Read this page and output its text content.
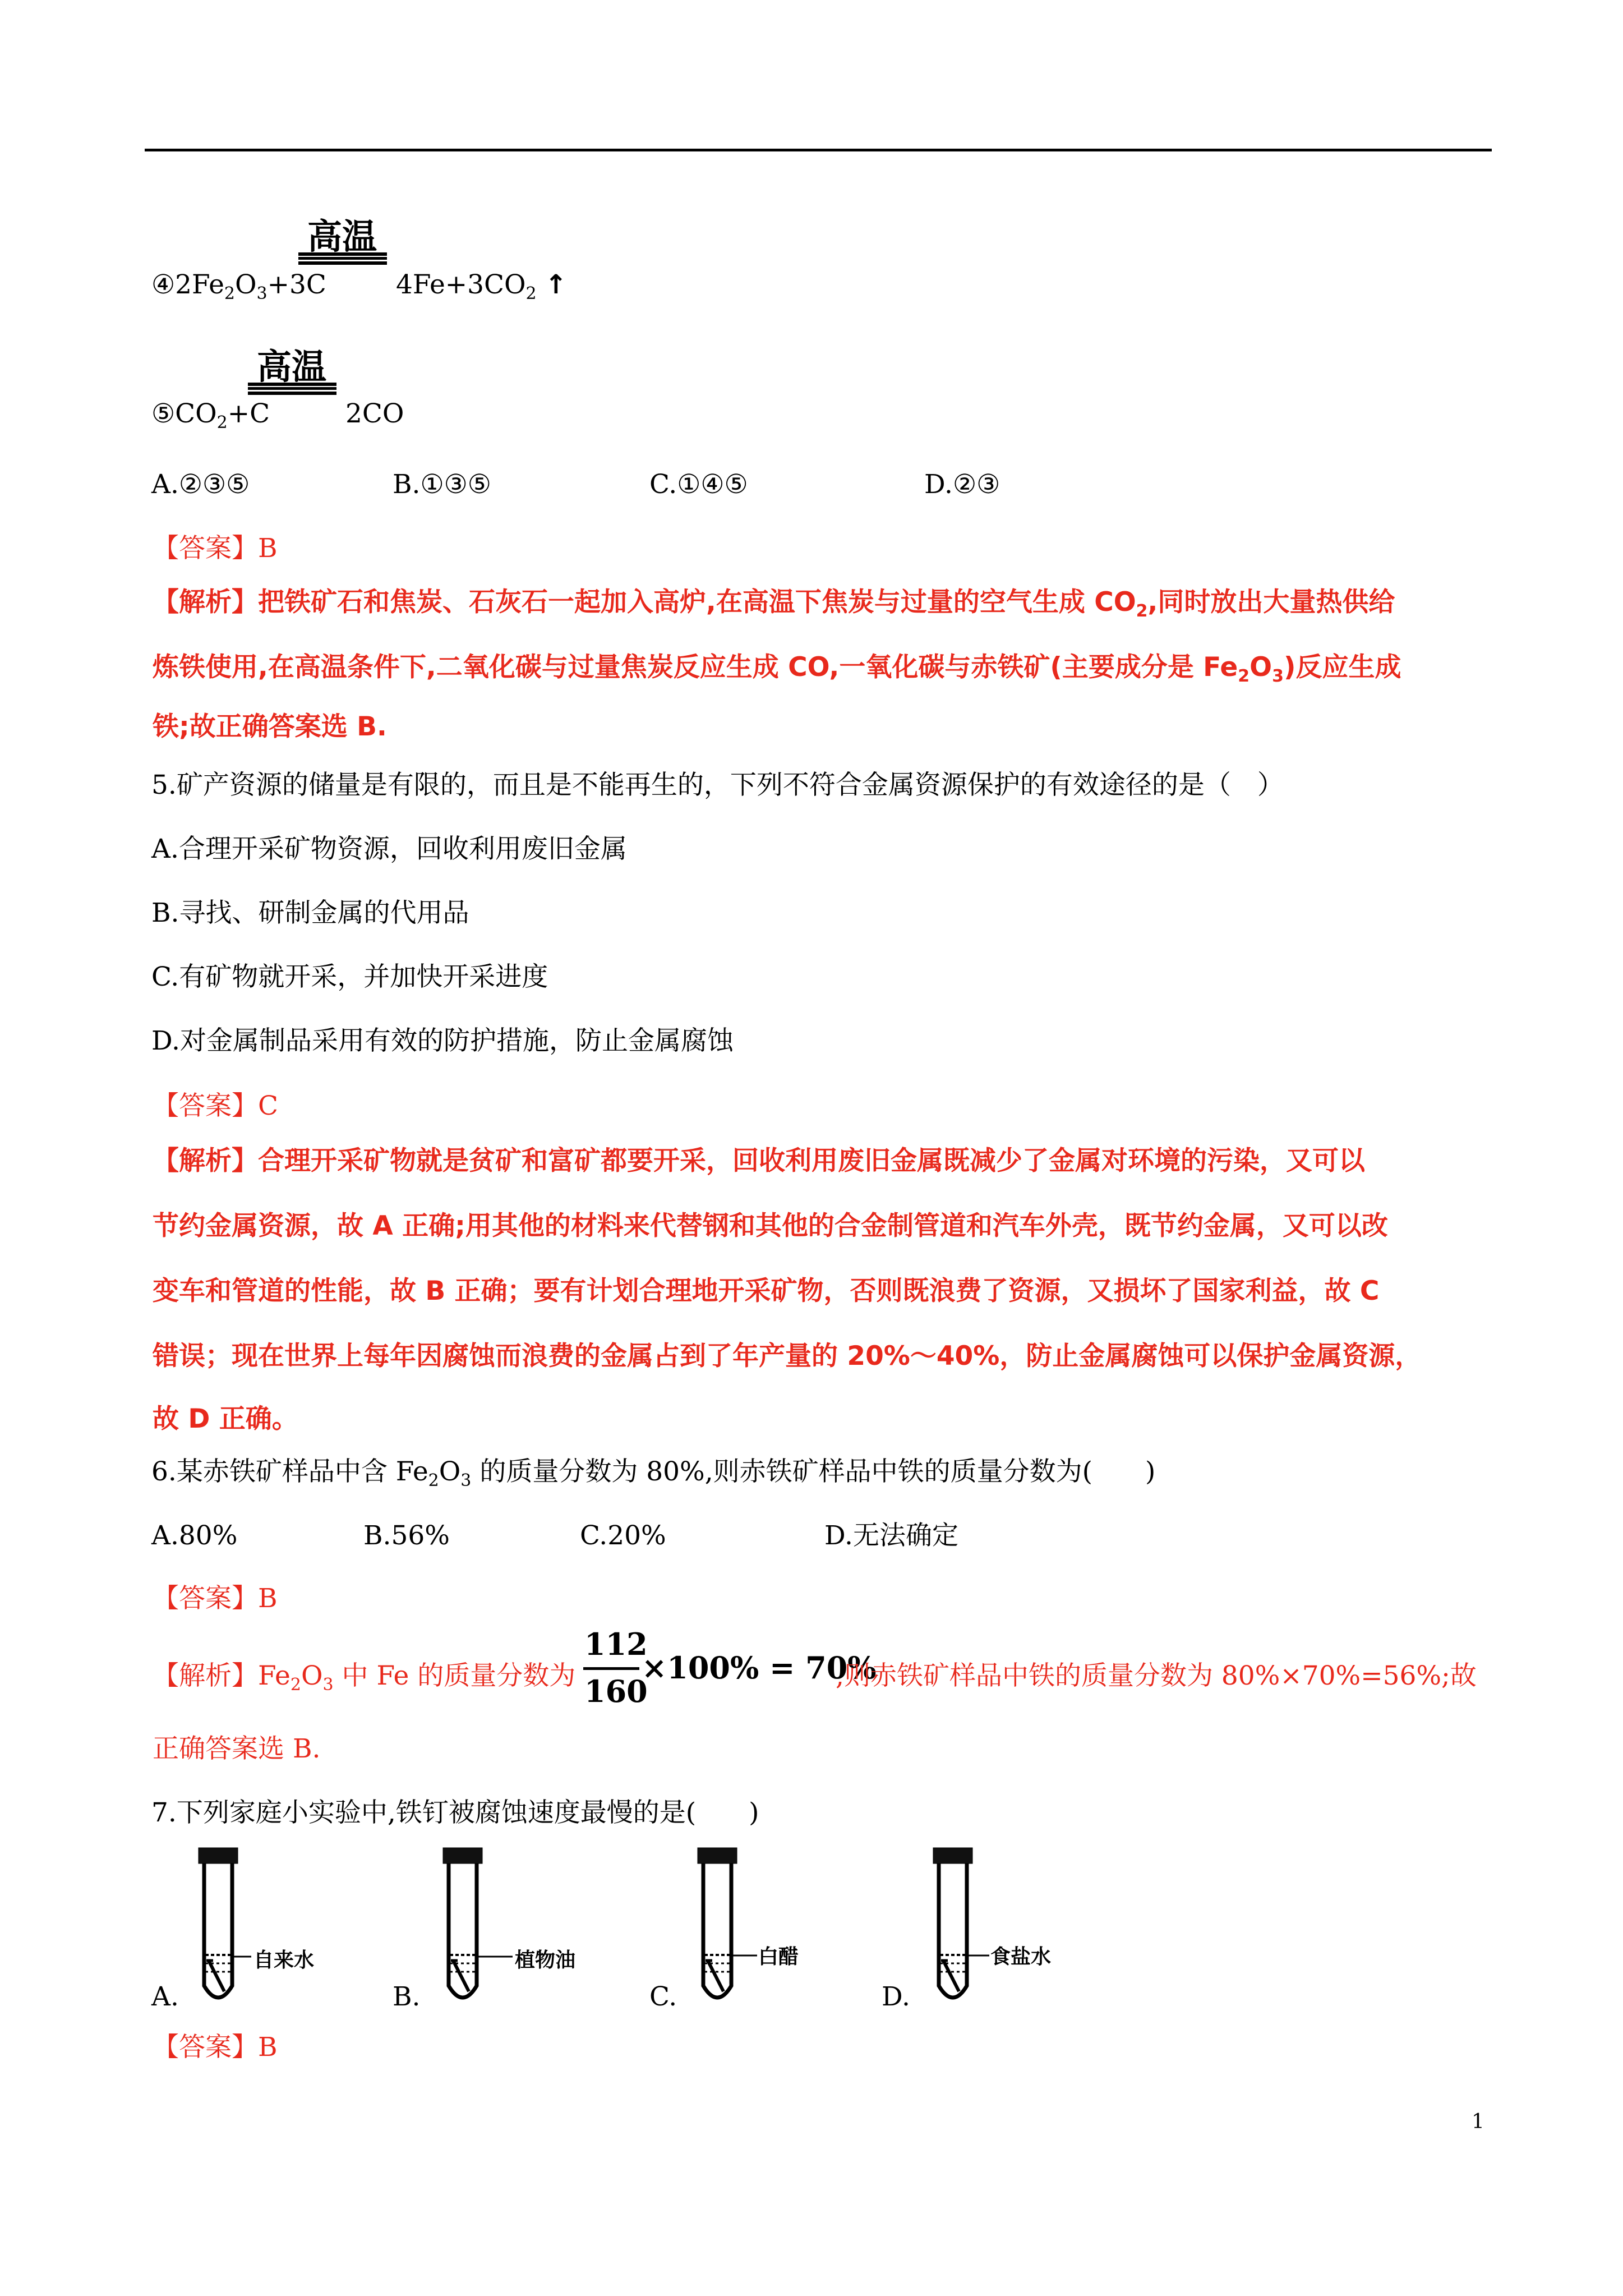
高温
$④2Fe_2O_3+3C$	$4Fe+3CO_2$ ↑
高温
$⑤CO_2+C$	2CO
A.②③⑤	B.①③⑤	C.①④⑤	D.②③
【答案】B
【解析】把铁矿石和焦炭、石灰石一起加入高炉,在高温下焦炭与过量的空气生成 $CO_2$,同时放出大量热供给
炼铁使用,在高温条件下,二氧化碳与过量焦炭反应生成 CO,一氧化碳与赤铁矿(主要成分是 $Fe_2O_3$)反应生成
铁;故正确答案选 B.
5.矿产资源的储量是有限的，而且是不能再生的，下列不符合金属资源保护的有效途径的是（　）
A.合理开采矿物资源，回收利用废旧金属
B.寻找、研制金属的代用品
C.有矿物就开采，并加快开采进度
D.对金属制品采用有效的防护措施，防止金属腐蚀
【答案】C
【解析】合理开采矿物就是贫矿和富矿都要开采，回收利用废旧金属既减少了金属对环境的污染，又可以
节约金属资源，故 A 正确;用其他的材料来代替钢和其他的合金制管道和汽车外壳，既节约金属，又可以改
变车和管道的性能，故 B 正确；要有计划合理地开采矿物，否则既浪费了资源，又损坏了国家利益，故 C
错误；现在世界上每年因腐蚀而浪费的金属占到了年产量的 20%～40%，防止金属腐蚀可以保护金属资源，
故 D 正确。
6.某赤铁矿样品中含 $Fe_2O_3$ 的质量分数为 80%,则赤铁矿样品中铁的质量分数为(　　)
A.80%	B.56%	C.20%	D.无法确定
【答案】B
【解析】$Fe_2O_3$ 中 Fe 的质量分数为
112
160
×100% = 70%
,则赤铁矿样品中铁的质量分数为 80%×70%=56%;故
正确答案选 B.
7.下列家庭小实验中,铁钉被腐蚀速度最慢的是(　　)
A.	B.	C.	D.
自来水	植物油	白醋	食盐水
【答案】B
1
